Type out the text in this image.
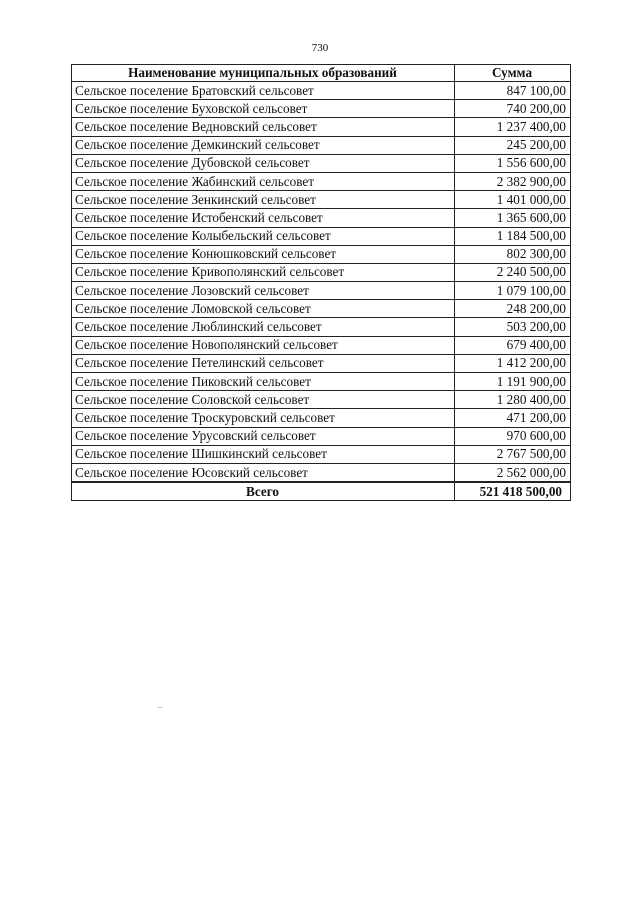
730
Наименование муниципальных образований	Сумма
Сельское поселение Братовский сельсовет	847 100,00
Сельское поселение Буховской сельсовет	740 200,00
Сельское поселение Ведновский сельсовет	1 237 400,00
Сельское поселение Демкинский сельсовет	245 200,00
Сельское поселение Дубовской сельсовет	1 556 600,00
Сельское поселение Жабинский сельсовет	2 382 900,00
Сельское поселение Зенкинский сельсовет	1 401 000,00
Сельское поселение Истобенский сельсовет	1 365 600,00
Сельское поселение Колыбельский сельсовет	1 184 500,00
Сельское поселение Конюшковский сельсовет	802 300,00
Сельское поселение Кривополянский сельсовет	2 240 500,00
Сельское поселение Лозовский сельсовет	1 079 100,00
Сельское поселение Ломовской сельсовет	248 200,00
Сельское поселение Люблинский сельсовет	503 200,00
Сельское поселение Новополянский сельсовет	679 400,00
Сельское поселение Петелинский сельсовет	1 412 200,00
Сельское поселение Пиковский сельсовет	1 191 900,00
Сельское поселение Соловской сельсовет	1 280 400,00
Сельское поселение Троскуровский сельсовет	471 200,00
Сельское поселение Урусовский сельсовет	970 600,00
Сельское поселение Шишкинский сельсовет	2 767 500,00
Сельское поселение Юсовский сельсовет	2 562 000,00
Всего	521 418 500,00
